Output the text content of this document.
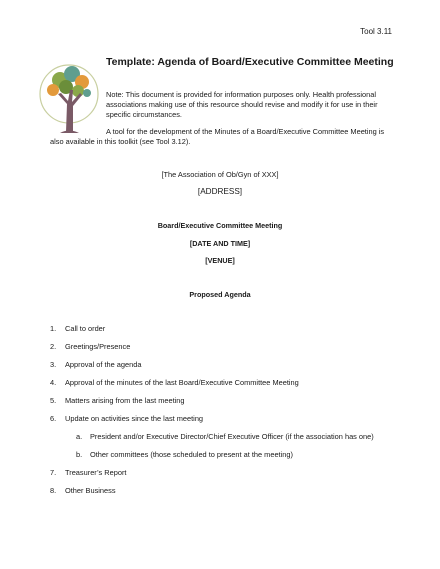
Tool 3.11
Template: Agenda of Board/Executive Committee Meeting
Note: This document is provided for information purposes only. Health professional associations making use of this resource should revise and modify it for use in their specific circumstances.
A tool for the development of the Minutes of a Board/Executive Committee Meeting is also available in this toolkit (see Tool 3.12).
[The Association of Ob/Gyn of XXX]
[ADDRESS]
Board/Executive Committee Meeting
[DATE AND TIME]
[VENUE]
Proposed Agenda
1. Call to order
2. Greetings/Presence
3. Approval of the agenda
4. Approval of the minutes of the last Board/Executive Committee Meeting
5. Matters arising from the last meeting
6. Update on activities since the last meeting
a. President and/or Executive Director/Chief Executive Officer (if the association has one)
b. Other committees (those scheduled to present at the meeting)
7. Treasurer’s Report
8. Other Business
